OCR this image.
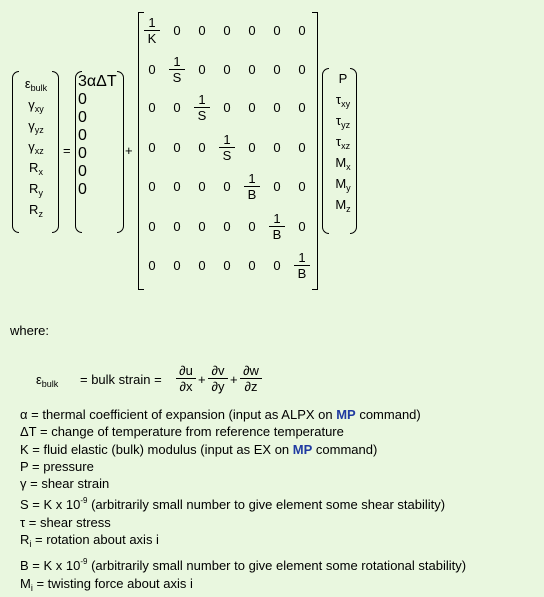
$\varepsilon_{bulk}$
$\gamma_{xy}$
$\gamma_{yz}$
$\gamma_{xz}$
$R_x$
$R_y$
$R_z$
=
3αΔT
0
0
0
0
0
0
+
$\frac{1}{K}$	0	0	0	0	0	0
0	$\frac{1}{S}$	0	0	0	0	0
0	0	$\frac{1}{S}$	0	0	0	0
0	0	0	$\frac{1}{S}$	0	0	0
0	0	0	0	$\frac{1}{B}$	0	0
0	0	0	0	0	$\frac{1}{B}$	0
0	0	0	0	0	0	$\frac{1}{B}$
P
$\tau_{xy}$
$\tau_{yz}$
$\tau_{xz}$
$M_x$
$M_y$
$M_z$
where:
$\varepsilon_{bulk}$ = bulk strain = $\frac{\partial u}{\partial x} + \frac{\partial v}{\partial y} + \frac{\partial w}{\partial z}$
α = thermal coefficient of expansion (input as ALPX on MP command)
ΔT = change of temperature from reference temperature
K = fluid elastic (bulk) modulus (input as EX on MP command)
P = pressure
γ = shear strain
S = K x $10^{-9}$ (arbitrarily small number to give element some shear stability)
τ = shear stress
$R_i$ = rotation about axis i
B = K x $10^{-9}$ (arbitrarily small number to give element some rotational stability)
$M_i$ = twisting force about axis i
